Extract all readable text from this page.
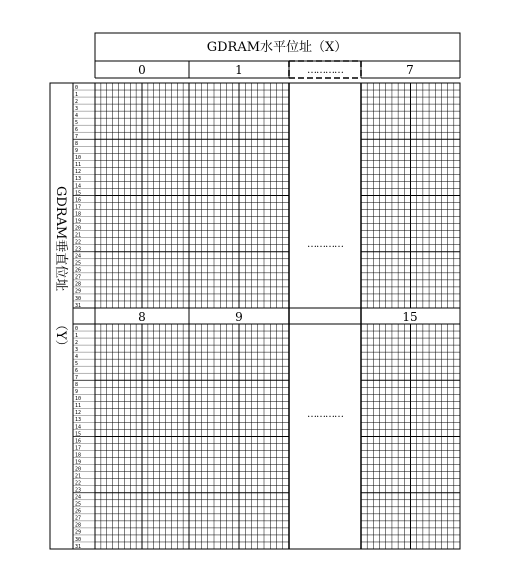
GDRAM水平位址（X）
0	1	…………	7
GDRAM垂直位址
（Y）
0
1
2
3
4
5
6
7
8
9
10
11
12
13
14
15
16
17
18
19
20
21
22
23
24
25
26
27
28
29
30
31
0
1
2
3
4
5
6
7
8
9
10
11
12
13
14
15
16
17
18
19
20
21
22
23
24
25
26
27
28
29
30
31
8	9	15
…………
…………
